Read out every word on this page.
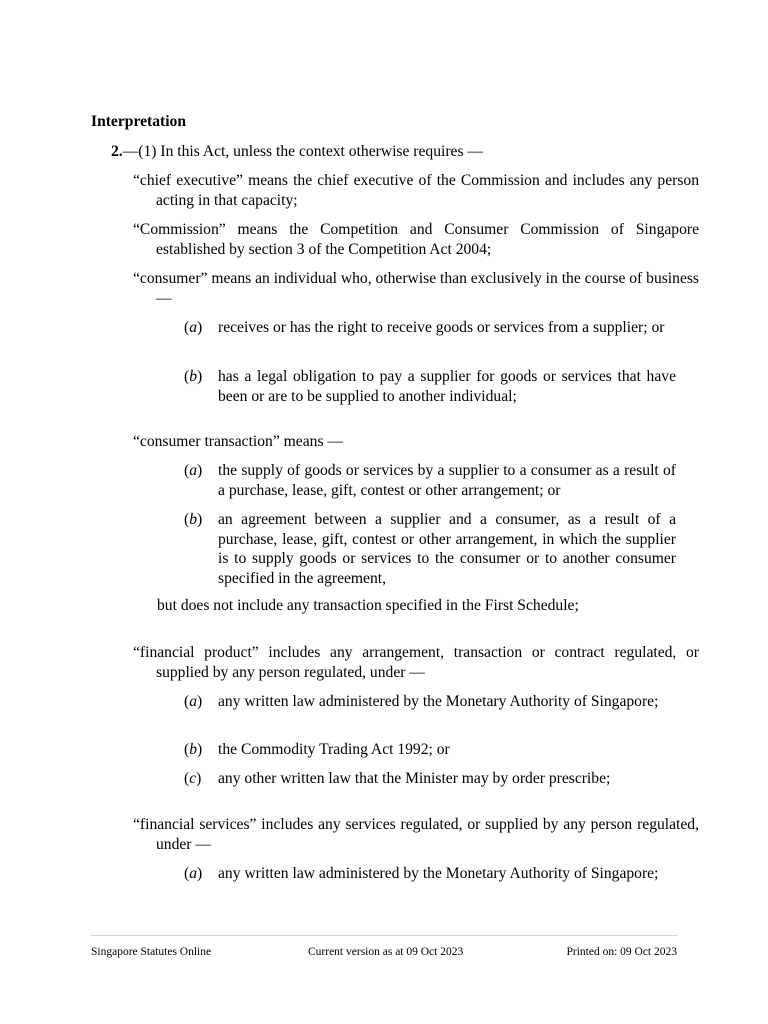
Interpretation
2.—(1) In this Act, unless the context otherwise requires —
“chief executive” means the chief executive of the Commission and includes any person acting in that capacity;
“Commission” means the Competition and Consumer Commission of Singapore established by section 3 of the Competition Act 2004;
“consumer” means an individual who, otherwise than exclusively in the course of business —
(a)	receives or has the right to receive goods or services from a supplier; or
(b)	has a legal obligation to pay a supplier for goods or services that have been or are to be supplied to another individual;
“consumer transaction” means —
(a)	the supply of goods or services by a supplier to a consumer as a result of a purchase, lease, gift, contest or other arrangement; or
(b)	an agreement between a supplier and a consumer, as a result of a purchase, lease, gift, contest or other arrangement, in which the supplier is to supply goods or services to the consumer or to another consumer specified in the agreement,
but does not include any transaction specified in the First Schedule;
“financial product” includes any arrangement, transaction or contract regulated, or supplied by any person regulated, under —
(a)	any written law administered by the Monetary Authority of Singapore;
(b)	the Commodity Trading Act 1992; or
(c)	any other written law that the Minister may by order prescribe;
“financial services” includes any services regulated, or supplied by any person regulated, under —
(a)	any written law administered by the Monetary Authority of Singapore;
Singapore Statutes Online	Current version as at 09 Oct 2023	Printed on: 09 Oct 2023
